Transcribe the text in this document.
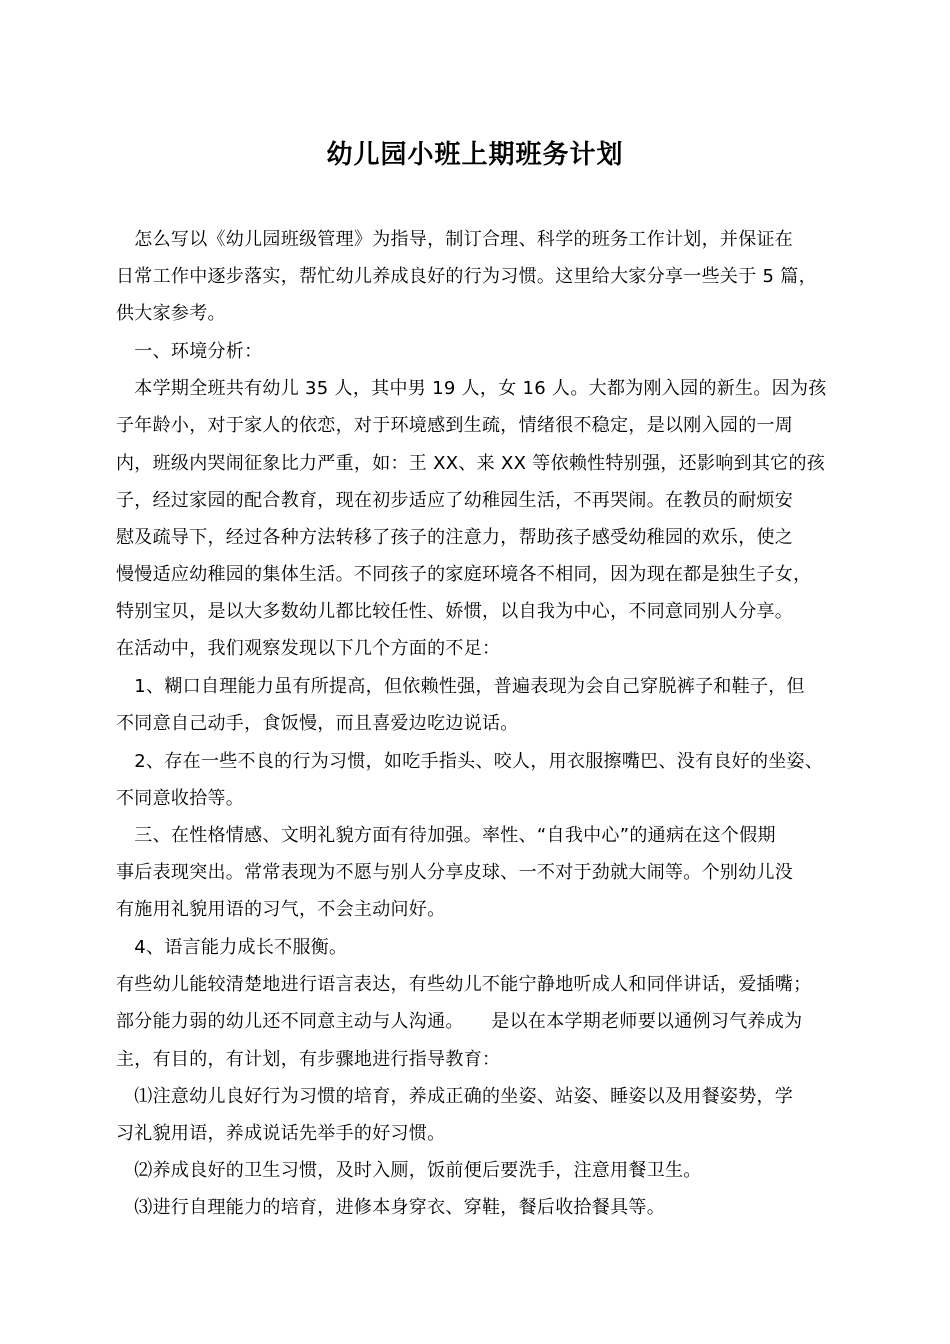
幼儿园小班上期班务计划
　怎么写以《幼儿园班级管理》为指导，制订合理、科学的班务工作计划，并保证在
日常工作中逐步落实，帮忙幼儿养成良好的行为习惯。这里给大家分享一些关于 5 篇，
供大家参考。
　一、环境分析：
　本学期全班共有幼儿 35 人，其中男 19 人，女 16 人。大都为刚入园的新生。因为孩
子年龄小，对于家人的依恋，对于环境感到生疏，情绪很不稳定，是以刚入园的一周
内，班级内哭闹征象比力严重，如：王 XX、来 XX 等依赖性特别强，还影响到其它的孩
子，经过家园的配合教育，现在初步适应了幼稚园生活，不再哭闹。在教员的耐烦安
慰及疏导下，经过各种方法转移了孩子的注意力，帮助孩子感受幼稚园的欢乐，使之
慢慢适应幼稚园的集体生活。不同孩子的家庭环境各不相同，因为现在都是独生子女，
特别宝贝，是以大多数幼儿都比较任性、娇惯，以自我为中心，不同意同别人分享。
在活动中，我们观察发现以下几个方面的不足：
　1、糊口自理能力虽有所提高，但依赖性强，普遍表现为会自己穿脱裤子和鞋子，但
不同意自己动手，食饭慢，而且喜爱边吃边说话。
　2、存在一些不良的行为习惯，如吃手指头、咬人，用衣服擦嘴巴、没有良好的坐姿、
不同意收拾等。
　三、在性格情感、文明礼貌方面有待加强。率性、“自我中心”的通病在这个假期
事后表现突出。常常表现为不愿与别人分享皮球、一不对于劲就大闹等。个别幼儿没
有施用礼貌用语的习气，不会主动问好。
　4、语言能力成长不服衡。
有些幼儿能较清楚地进行语言表达，有些幼儿不能宁静地听成人和同伴讲话，爱插嘴；
部分能力弱的幼儿还不同意主动与人沟通。　　是以在本学期老师要以通例习气养成为
主，有目的，有计划，有步骤地进行指导教育：
　⑴注意幼儿良好行为习惯的培育，养成正确的坐姿、站姿、睡姿以及用餐姿势，学
习礼貌用语，养成说话先举手的好习惯。
　⑵养成良好的卫生习惯，及时入厕，饭前便后要洗手，注意用餐卫生。
　⑶进行自理能力的培育，进修本身穿衣、穿鞋，餐后收拾餐具等。
